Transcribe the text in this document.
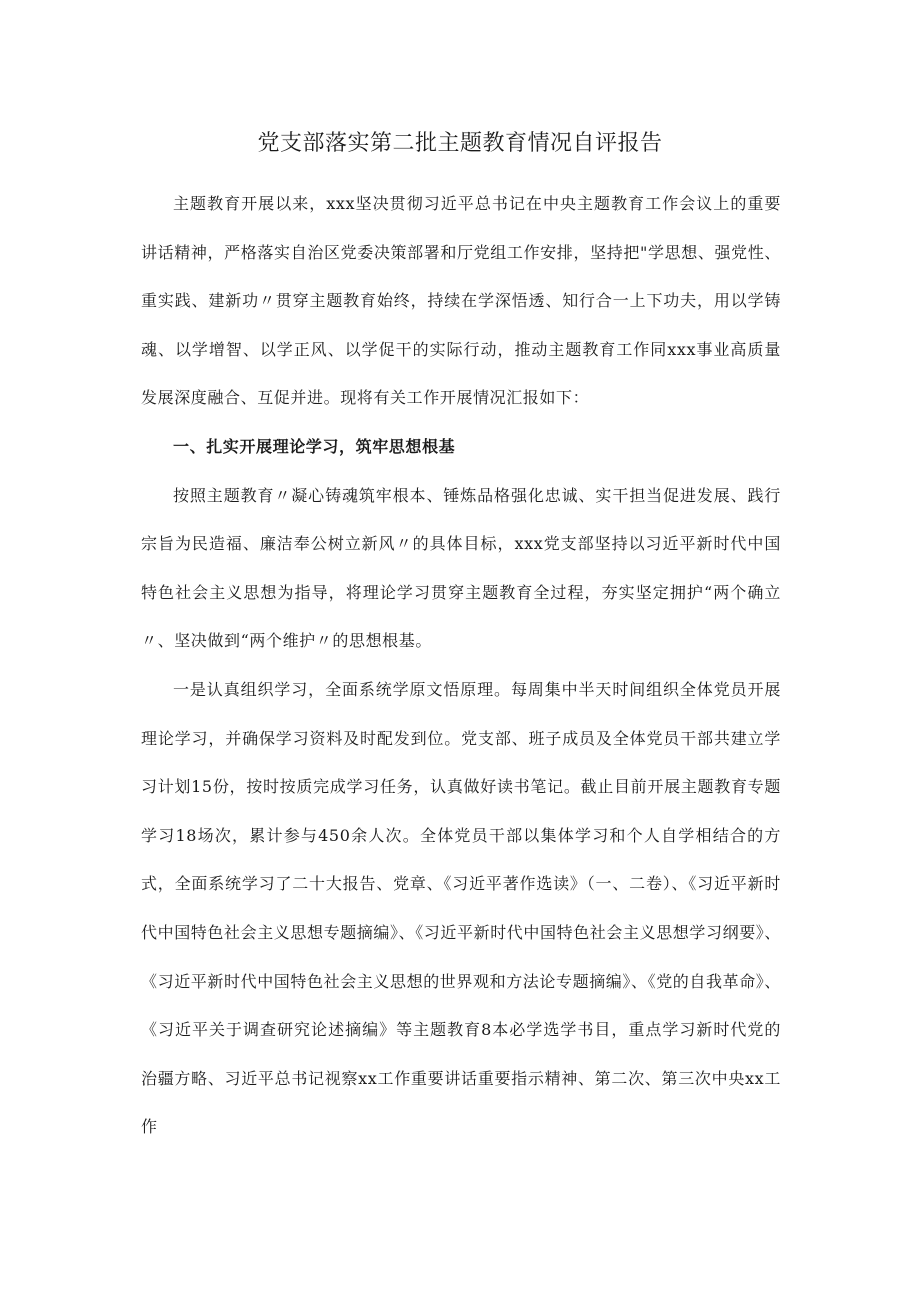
党支部落实第二批主题教育情况自评报告

主题教育开展以来，xxx坚决贯彻习近平总书记在中央主题教育工作会议上的重要讲话精神，严格落实自治区党委决策部署和厅党组工作安排，坚持把"学思想、强党性、重实践、建新功〃贯穿主题教育始终，持续在学深悟透、知行合一上下功夫，用以学铸魂、以学增智、以学正风、以学促干的实际行动，推动主题教育工作同xxx事业高质量发展深度融合、互促并进。现将有关工作开展情况汇报如下：

一、扎实开展理论学习，筑牢思想根基

按照主题教育〃凝心铸魂筑牢根本、锤炼品格强化忠诚、实干担当促进发展、践行宗旨为民造福、廉洁奉公树立新风〃的具体目标，xxx党支部坚持以习近平新时代中国特色社会主义思想为指导，将理论学习贯穿主题教育全过程，夯实坚定拥护“两个确立〃、坚决做到“两个维护〃的思想根基。

一是认真组织学习，全面系统学原文悟原理。每周集中半天时间组织全体党员开展理论学习，并确保学习资料及时配发到位。党支部、班子成员及全体党员干部共建立学习计划15份，按时按质完成学习任务，认真做好读书笔记。截止目前开展主题教育专题学习18场次，累计参与450余人次。全体党员干部以集体学习和个人自学相结合的方式，全面系统学习了二十大报告、党章、《习近平著作选读》（一、二卷）、《习近平新时代中国特色社会主义思想专题摘编》、《习近平新时代中国特色社会主义思想学习纲要》、《习近平新时代中国特色社会主义思想的世界观和方法论专题摘编》、《党的自我革命》、《习近平关于调查研究论述摘编》等主题教育8本必学选学书目，重点学习新时代党的治疆方略、习近平总书记视察xx工作重要讲话重要指示精神、第二次、第三次中央xx工作
